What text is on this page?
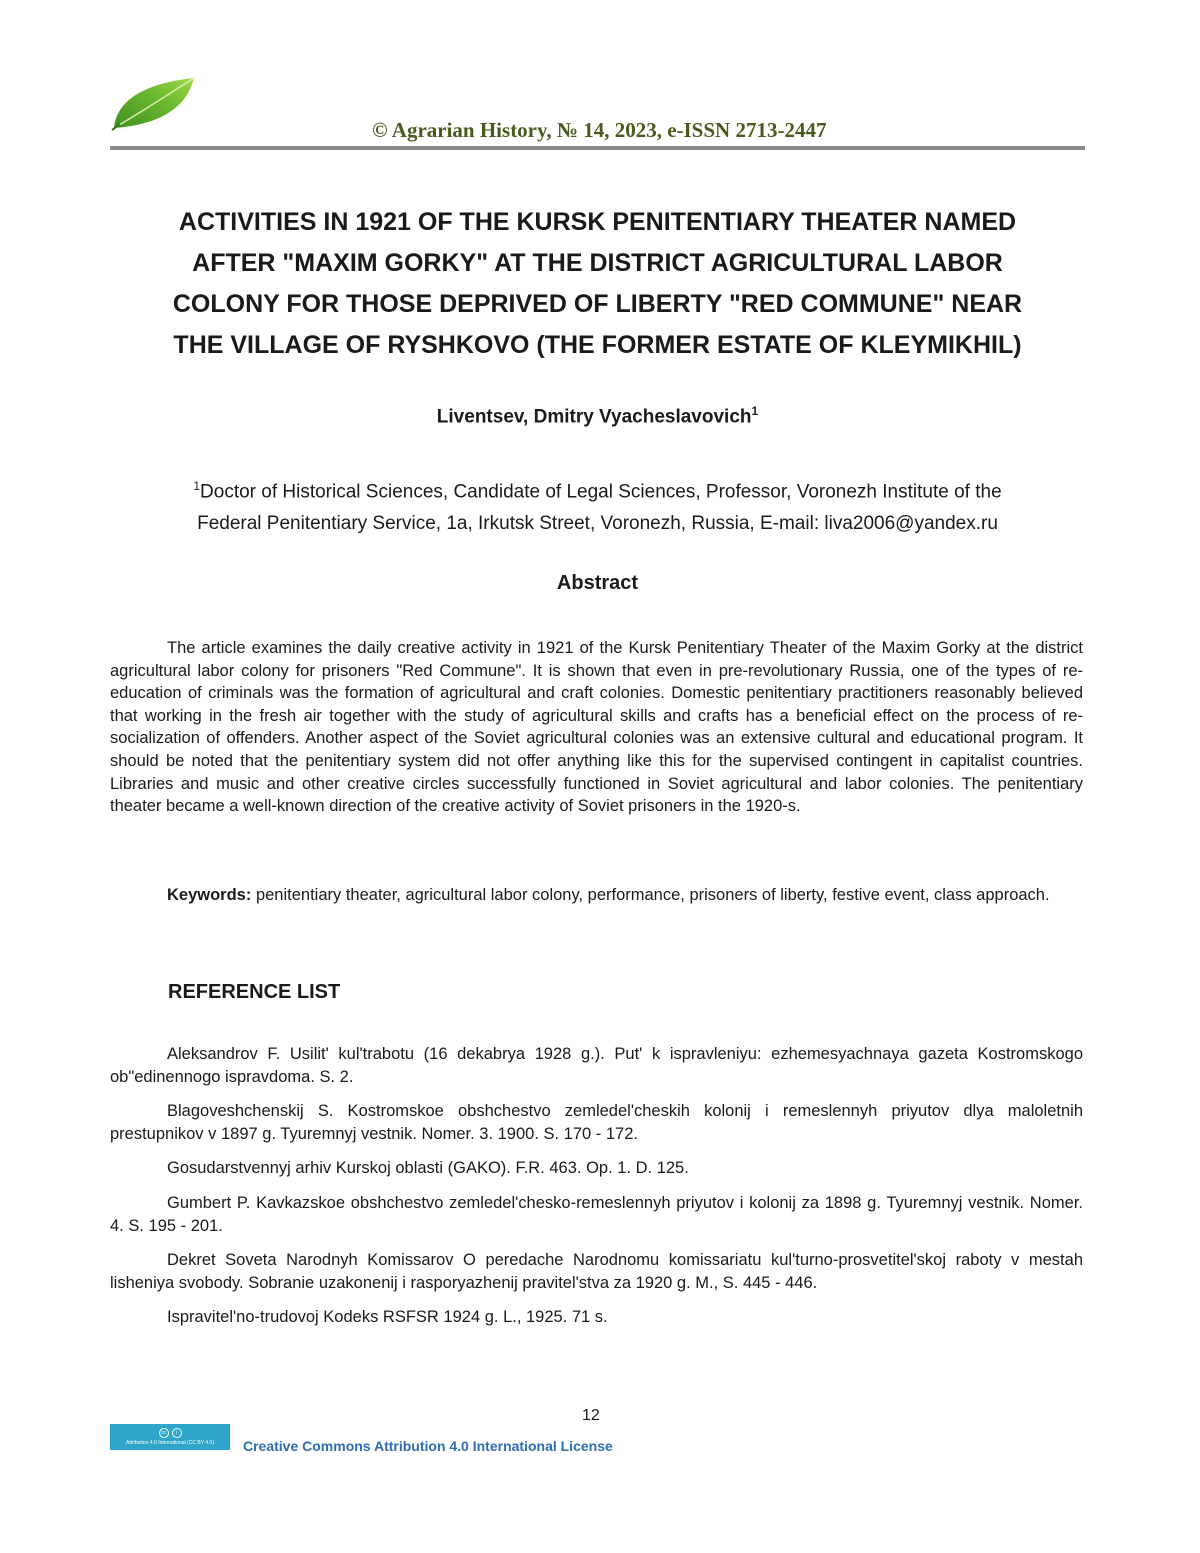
© Agrarian History, № 14, 2023, e-ISSN 2713-2447
ACTIVITIES IN 1921 OF THE KURSK PENITENTIARY THEATER NAMED
AFTER "MAXIM GORKY" AT THE DISTRICT AGRICULTURAL LABOR
COLONY FOR THOSE DEPRIVED OF LIBERTY "RED COMMUNE" NEAR
THE VILLAGE OF RYSHKOVO (THE FORMER ESTATE OF KLEYMIKHIL)
Liventsev, Dmitry Vyacheslavovich$^1$
$^1$Doctor of Historical Sciences, Candidate of Legal Sciences, Professor, Voronezh Institute of the
Federal Penitentiary Service, 1a, Irkutsk Street, Voronezh, Russia, E-mail: liva2006@yandex.ru
Abstract
The article examines the daily creative activity in 1921 of the Kursk Penitentiary Theater of the Maxim Gorky at the district agricultural labor colony for prisoners "Red Commune". It is shown that even in pre-revolutionary Russia, one of the types of re-education of criminals was the formation of agricultural and craft colonies. Domestic penitentiary practitioners reasonably believed that working in the fresh air together with the study of agricultural skills and crafts has a beneficial effect on the process of re-socialization of offenders. Another aspect of the Soviet agricultural colonies was an extensive cultural and educational program. It should be noted that the penitentiary system did not offer anything like this for the supervised contingent in capitalist countries. Libraries and music and other creative circles successfully functioned in Soviet agricultural and labor colonies. The penitentiary theater became a well-known direction of the creative activity of Soviet prisoners in the 1920-s.
Keywords: penitentiary theater, agricultural labor colony, performance, prisoners of liberty, festive event, class approach.
REFERENCE LIST

Aleksandrov F. Usilit' kul'trabotu (16 dekabrya 1928 g.). Put' k ispravleniyu: ezhemesyachnaya gazeta Kostromskogo ob"edinennogo ispravdoma. S. 2.

Blagoveshchenskij S. Kostromskoe obshchestvo zemledel'cheskih kolonij i remeslennyh priyutov dlya maloletnih prestupnikov v 1897 g. Tyuremnyj vestnik. Nomer. 3. 1900. S. 170 - 172.

Gosudarstvennyj arhiv Kurskoj oblasti (GAKO). F.R. 463. Op. 1. D. 125.

Gumbert P. Kavkazskoe obshchestvo zemledel'chesko-remeslennyh priyutov i kolonij za 1898 g. Tyuremnyj vestnik. Nomer. 4. S. 195 - 201.

Dekret Soveta Narodnyh Komissarov O peredache Narodnomu komissariatu kul'turno-prosvetitel'skoj raboty v mestah lisheniya svobody. Sobranie uzakonenij i rasporyazhenij pravitel'stva za 1920 g. M., S. 445 - 446.

Ispravitel'no-trudovoj Kodeks RSFSR 1924 g. L., 1925. 71 s.

12
cc	i
Attribution 4.0 International (CC BY 4.0) Creative Commons Attribution 4.0 International License
